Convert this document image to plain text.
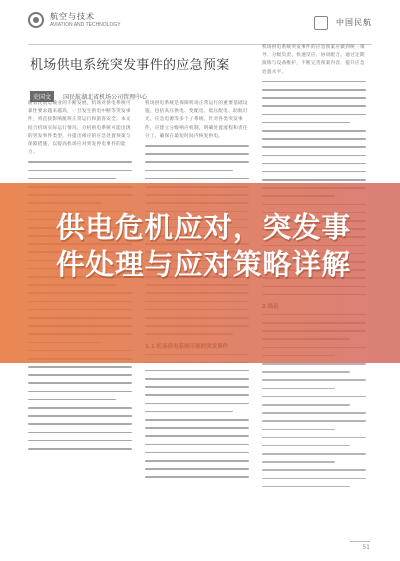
航空与技术
AVIATION AND TECHNOLOGY	中国民航
机场供电系统突发事件的应急预案
史国文 国民航湖北省机场公司管理中心
随着民航运输业的不断发展，机场对供电系统可靠性要求越来越高，一旦发生供电中断等突发事件，将直接影响航班正常运行和旅客安全。本文结合机场实际运行情况，分析供电系统可能出现的突发事件类型，并提出相应的应急处置预案与保障措施，以提高机场应对突发停电事件的能力。
机场供电系统是保障机场正常运行的重要基础设施，包括高压供电、变配电、低压配电、助航灯光、应急电源等多个子系统。针对各类突发事件，应建立分级响应机制，明确处置流程和责任分工，确保在最短时间内恢复供电。
机场供电系统突发事件的应急预案应做到统一领导、分级负责、快速反应、协同配合。通过定期演练与设备维护，不断完善预案内容，提升应急处置水平。
51
供电危机应对，突发事件处理与应对策略详解
